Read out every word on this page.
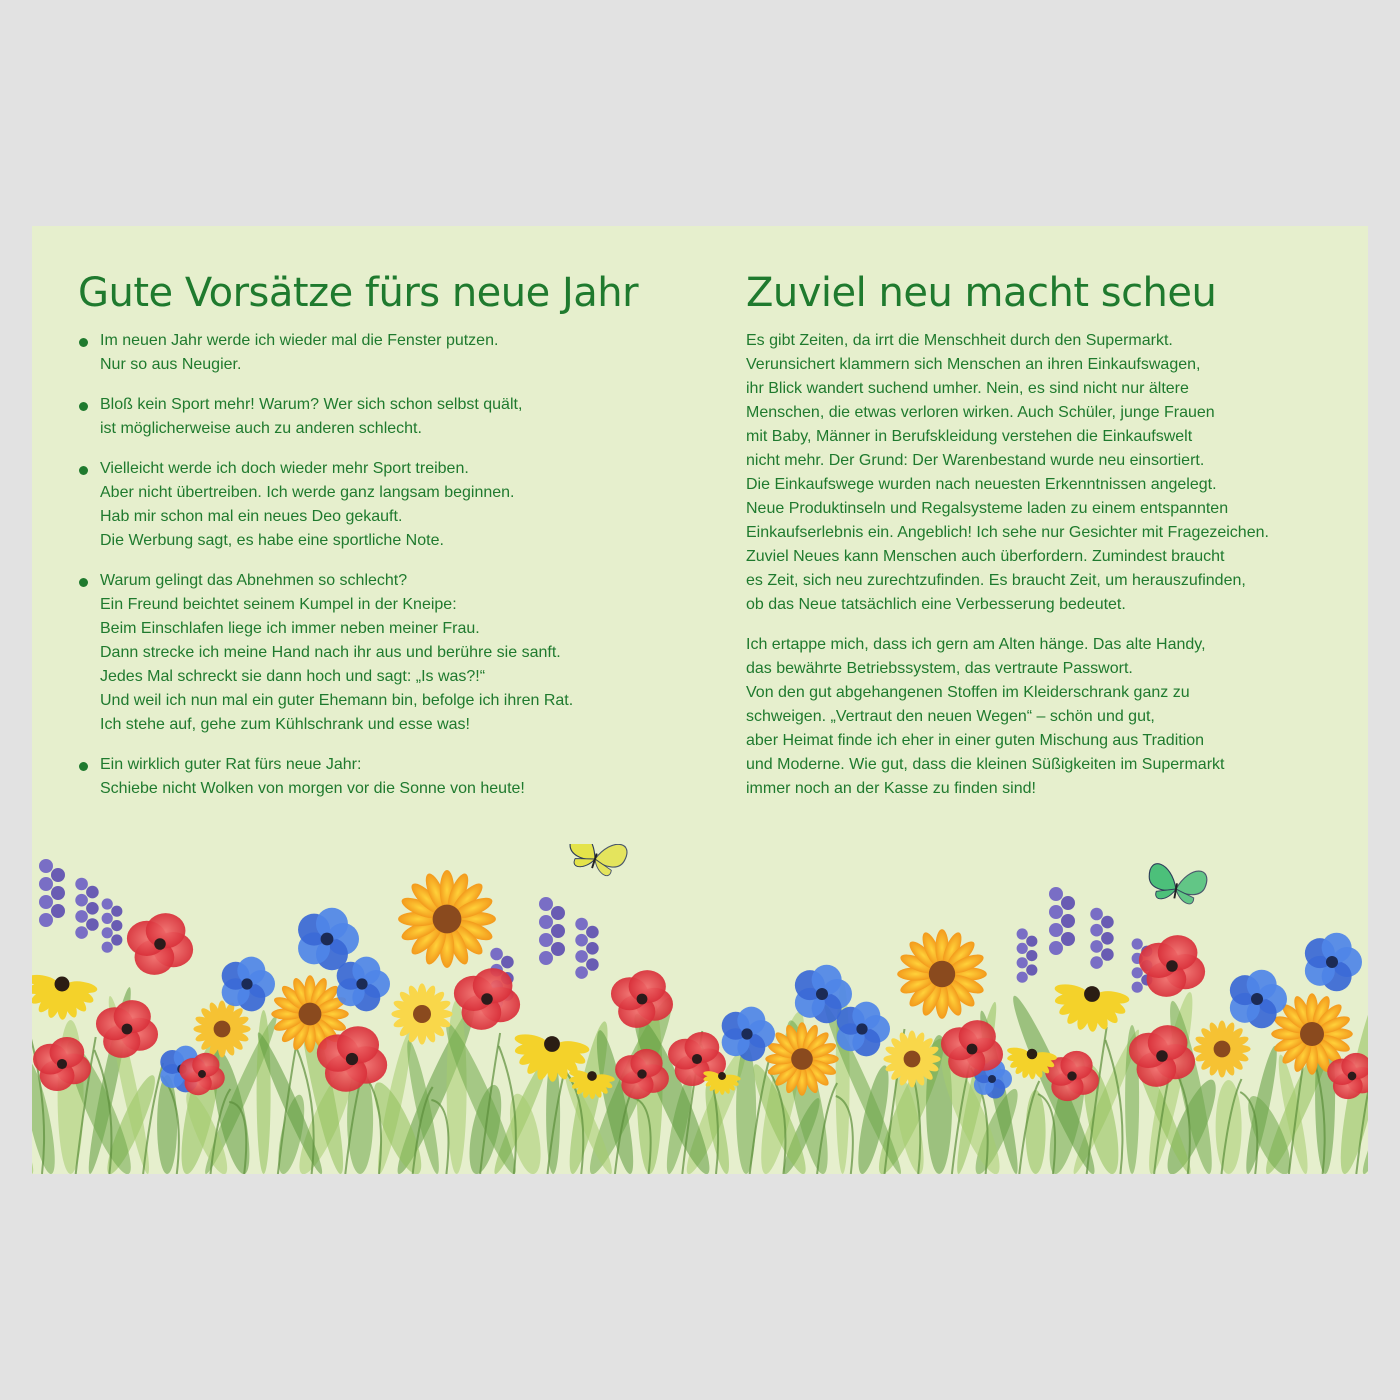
Gute Vorsätze fürs neue Jahr
Im neuen Jahr werde ich wieder mal die Fenster putzen.
Nur so aus Neugier.
Bloß kein Sport mehr! Warum? Wer sich schon selbst quält,
ist möglicherweise auch zu anderen schlecht.
Vielleicht werde ich doch wieder mehr Sport treiben.
Aber nicht übertreiben. Ich werde ganz langsam beginnen.
Hab mir schon mal ein neues Deo gekauft.
Die Werbung sagt, es habe eine sportliche Note.
Warum gelingt das Abnehmen so schlecht?
Ein Freund beichtet seinem Kumpel in der Kneipe:
Beim Einschlafen liege ich immer neben meiner Frau.
Dann strecke ich meine Hand nach ihr aus und berühre sie sanft.
Jedes Mal schreckt sie dann hoch und sagt: „Is was?!“
Und weil ich nun mal ein guter Ehemann bin, befolge ich ihren Rat.
Ich stehe auf, gehe zum Kühlschrank und esse was!
Ein wirklich guter Rat fürs neue Jahr:
Schiebe nicht Wolken von morgen vor die Sonne von heute!
Zuviel neu macht scheu

Es gibt Zeiten, da irrt die Menschheit durch den Supermarkt.
Verunsichert klammern sich Menschen an ihren Einkaufswagen,
ihr Blick wandert suchend umher. Nein, es sind nicht nur ältere
Menschen, die etwas verloren wirken. Auch Schüler, junge Frauen
mit Baby, Männer in Berufskleidung verstehen die Einkaufswelt
nicht mehr. Der Grund: Der Warenbestand wurde neu einsortiert.
Die Einkaufswege wurden nach neuesten Erkenntnissen angelegt.
Neue Produktinseln und Regalsysteme laden zu einem entspannten
Einkaufserlebnis ein. Angeblich! Ich sehe nur Gesichter mit Fragezeichen.
Zuviel Neues kann Menschen auch überfordern. Zumindest braucht
es Zeit, sich neu zurechtzufinden. Es braucht Zeit, um herauszufinden,
ob das Neue tatsächlich eine Verbesserung bedeutet.

Ich ertappe mich, dass ich gern am Alten hänge. Das alte Handy,
das bewährte Betriebssystem, das vertraute Passwort.
Von den gut abgehangenen Stoffen im Kleiderschrank ganz zu
schweigen. „Vertraut den neuen Wegen“ – schön und gut,
aber Heimat finde ich eher in einer guten Mischung aus Tradition
und Moderne. Wie gut, dass die kleinen Süßigkeiten im Supermarkt
immer noch an der Kasse zu finden sind!
